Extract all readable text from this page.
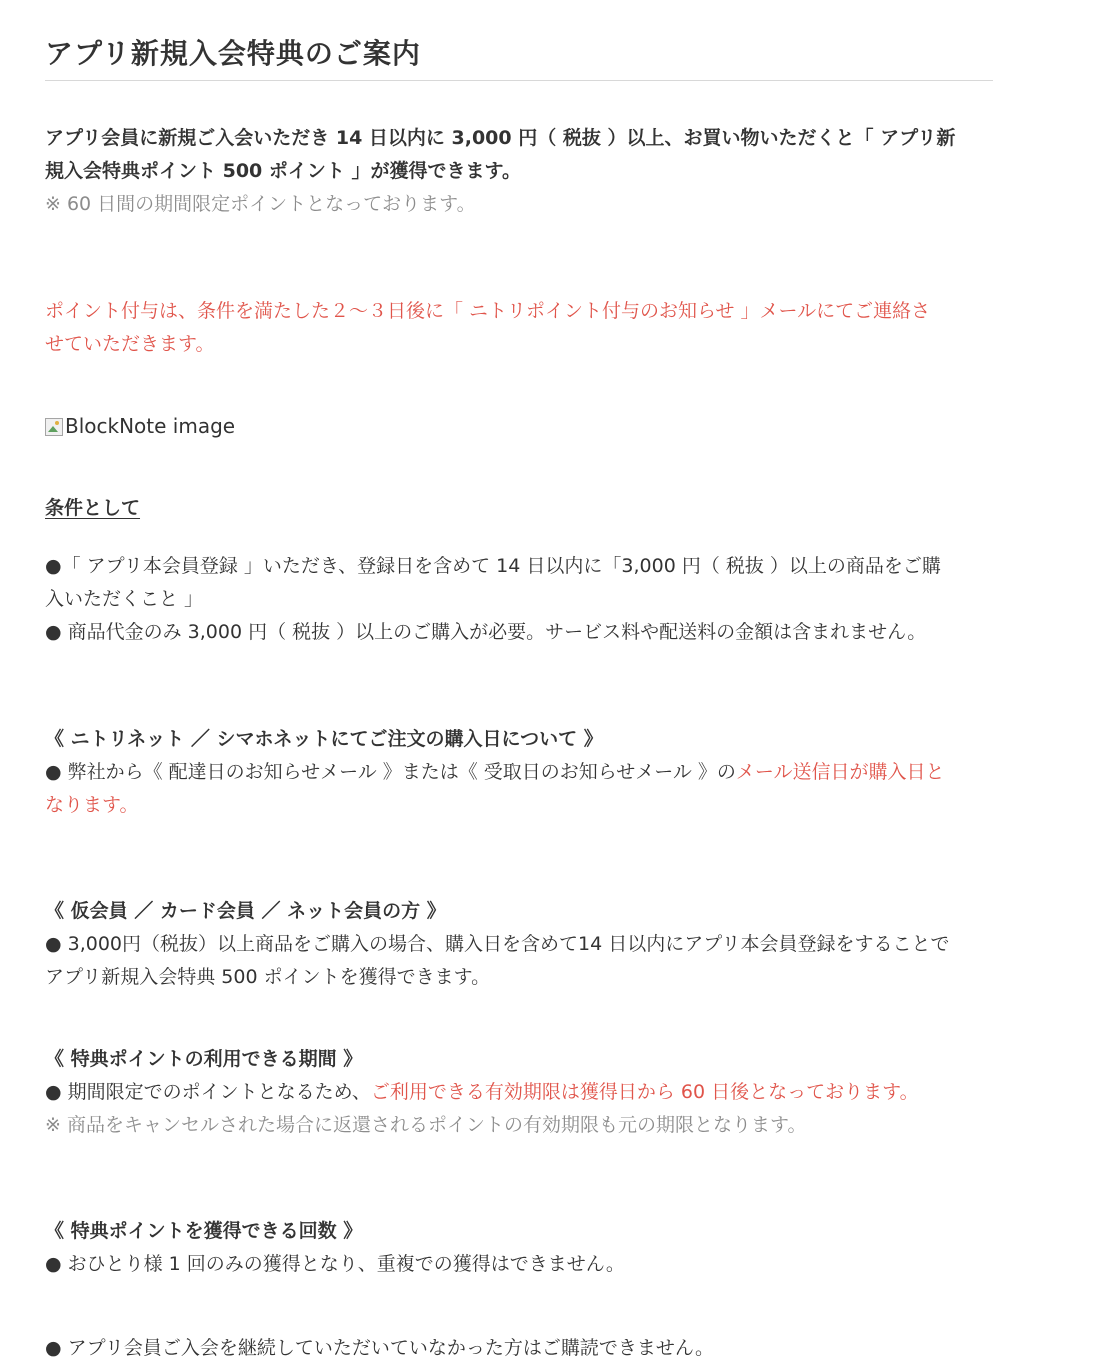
アプリ新規入会特典のご案内
アプリ会員に新規ご入会いただき 14 日以内に 3,000 円（ 税抜 ）以上、お買い物いただくと「 アプリ新
規入会特典ポイント 500 ポイント 」が獲得できます。
※ 60 日間の期間限定ポイントとなっております。
ポイント付与は、条件を満たした２〜３日後に「 ニトリポイント付与のお知らせ 」メールにてご連絡さ
せていただきます。
BlockNote image
条件として
●「 アプリ本会員登録 」いただき、登録日を含めて 14 日以内に「3,000 円（ 税抜 ）以上の商品をご購
入いただくこと 」
● 商品代金のみ 3,000 円（ 税抜 ）以上のご購入が必要。サービス料や配送料の金額は含まれません。
《 ニトリネット ／ シマホネットにてご注文の購入日について 》
● 弊社から《 配達日のお知らせメール 》または《 受取日のお知らせメール 》のメール送信日が購入日と
なります。
《 仮会員 ／ カード会員 ／ ネット会員の方 》
● 3,000円（税抜）以上商品をご購入の場合、購入日を含めて14 日以内にアプリ本会員登録をすることで
アプリ新規入会特典 500 ポイントを獲得できます。
《 特典ポイントの利用できる期間 》
● 期間限定でのポイントとなるため、ご利用できる有効期限は獲得日から 60 日後となっております。
※ 商品をキャンセルされた場合に返還されるポイントの有効期限も元の期限となります。
《 特典ポイントを獲得できる回数 》
● おひとり様 1 回のみの獲得となり、重複での獲得はできません。
● アプリ会員ご入会を継続していただいていなかった方はご購読できません。
